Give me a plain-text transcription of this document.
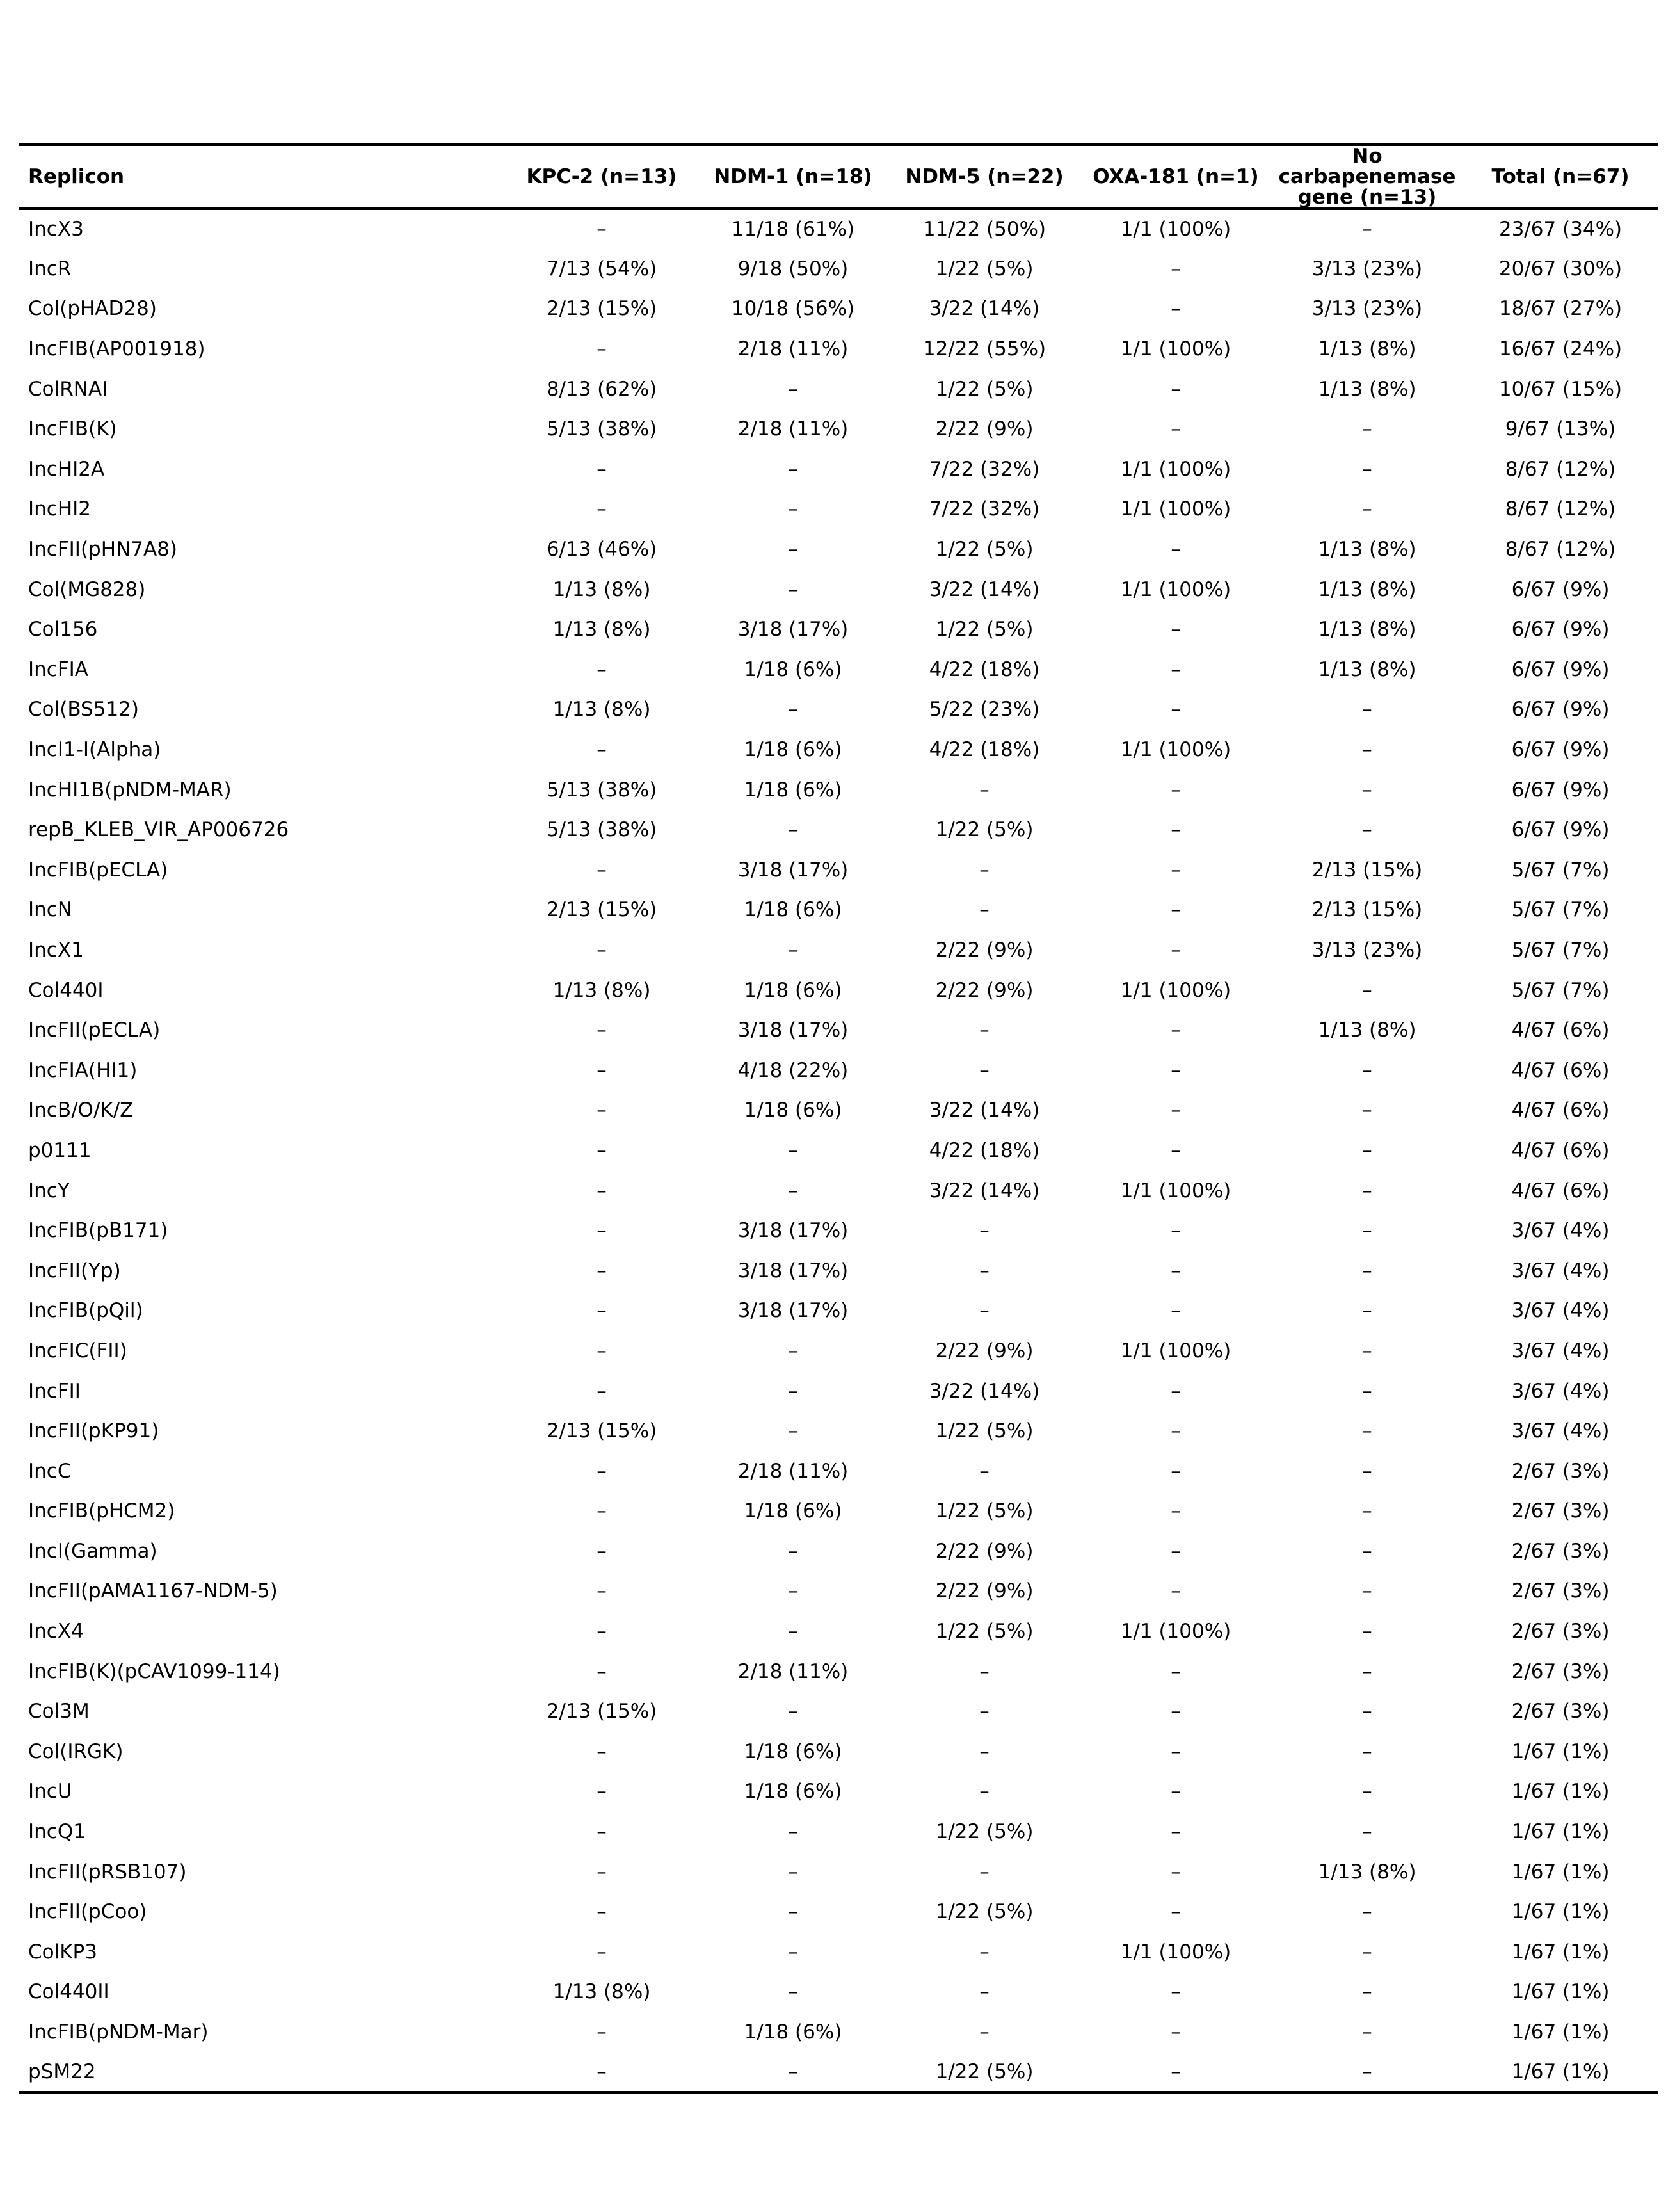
Replicon	KPC-2 (n=13)	NDM-1 (n=18)	NDM-5 (n=22)	OXA-181 (n=1)	No carbapenemase gene (n=13)	Total (n=67)
IncX3	–	11/18 (61%)	11/22 (50%)	1/1 (100%)	–	23/67 (34%)
IncR	7/13 (54%)	9/18 (50%)	1/22 (5%)	–	3/13 (23%)	20/67 (30%)
Col(pHAD28)	2/13 (15%)	10/18 (56%)	3/22 (14%)	–	3/13 (23%)	18/67 (27%)
IncFIB(AP001918)	–	2/18 (11%)	12/22 (55%)	1/1 (100%)	1/13 (8%)	16/67 (24%)
ColRNAI	8/13 (62%)	–	1/22 (5%)	–	1/13 (8%)	10/67 (15%)
IncFIB(K)	5/13 (38%)	2/18 (11%)	2/22 (9%)	–	–	9/67 (13%)
IncHI2A	–	–	7/22 (32%)	1/1 (100%)	–	8/67 (12%)
IncHI2	–	–	7/22 (32%)	1/1 (100%)	–	8/67 (12%)
IncFII(pHN7A8)	6/13 (46%)	–	1/22 (5%)	–	1/13 (8%)	8/67 (12%)
Col(MG828)	1/13 (8%)	–	3/22 (14%)	1/1 (100%)	1/13 (8%)	6/67 (9%)
Col156	1/13 (8%)	3/18 (17%)	1/22 (5%)	–	1/13 (8%)	6/67 (9%)
IncFIA	–	1/18 (6%)	4/22 (18%)	–	1/13 (8%)	6/67 (9%)
Col(BS512)	1/13 (8%)	–	5/22 (23%)	–	–	6/67 (9%)
IncI1-I(Alpha)	–	1/18 (6%)	4/22 (18%)	1/1 (100%)	–	6/67 (9%)
IncHI1B(pNDM-MAR)	5/13 (38%)	1/18 (6%)	–	–	–	6/67 (9%)
repB_KLEB_VIR_AP006726	5/13 (38%)	–	1/22 (5%)	–	–	6/67 (9%)
IncFIB(pECLA)	–	3/18 (17%)	–	–	2/13 (15%)	5/67 (7%)
IncN	2/13 (15%)	1/18 (6%)	–	–	2/13 (15%)	5/67 (7%)
IncX1	–	–	2/22 (9%)	–	3/13 (23%)	5/67 (7%)
Col440I	1/13 (8%)	1/18 (6%)	2/22 (9%)	1/1 (100%)	–	5/67 (7%)
IncFII(pECLA)	–	3/18 (17%)	–	–	1/13 (8%)	4/67 (6%)
IncFIA(HI1)	–	4/18 (22%)	–	–	–	4/67 (6%)
IncB/O/K/Z	–	1/18 (6%)	3/22 (14%)	–	–	4/67 (6%)
p0111	–	–	4/22 (18%)	–	–	4/67 (6%)
IncY	–	–	3/22 (14%)	1/1 (100%)	–	4/67 (6%)
IncFIB(pB171)	–	3/18 (17%)	–	–	–	3/67 (4%)
IncFII(Yp)	–	3/18 (17%)	–	–	–	3/67 (4%)
IncFIB(pQil)	–	3/18 (17%)	–	–	–	3/67 (4%)
IncFIC(FII)	–	–	2/22 (9%)	1/1 (100%)	–	3/67 (4%)
IncFII	–	–	3/22 (14%)	–	–	3/67 (4%)
IncFII(pKP91)	2/13 (15%)	–	1/22 (5%)	–	–	3/67 (4%)
IncC	–	2/18 (11%)	–	–	–	2/67 (3%)
IncFIB(pHCM2)	–	1/18 (6%)	1/22 (5%)	–	–	2/67 (3%)
IncI(Gamma)	–	–	2/22 (9%)	–	–	2/67 (3%)
IncFII(pAMA1167-NDM-5)	–	–	2/22 (9%)	–	–	2/67 (3%)
IncX4	–	–	1/22 (5%)	1/1 (100%)	–	2/67 (3%)
IncFIB(K)(pCAV1099-114)	–	2/18 (11%)	–	–	–	2/67 (3%)
Col3M	2/13 (15%)	–	–	–	–	2/67 (3%)
Col(IRGK)	–	1/18 (6%)	–	–	–	1/67 (1%)
IncU	–	1/18 (6%)	–	–	–	1/67 (1%)
IncQ1	–	–	1/22 (5%)	–	–	1/67 (1%)
IncFII(pRSB107)	–	–	–	–	1/13 (8%)	1/67 (1%)
IncFII(pCoo)	–	–	1/22 (5%)	–	–	1/67 (1%)
ColKP3	–	–	–	1/1 (100%)	–	1/67 (1%)
Col440II	1/13 (8%)	–	–	–	–	1/67 (1%)
IncFIB(pNDM-Mar)	–	1/18 (6%)	–	–	–	1/67 (1%)
pSM22	–	–	1/22 (5%)	–	–	1/67 (1%)
